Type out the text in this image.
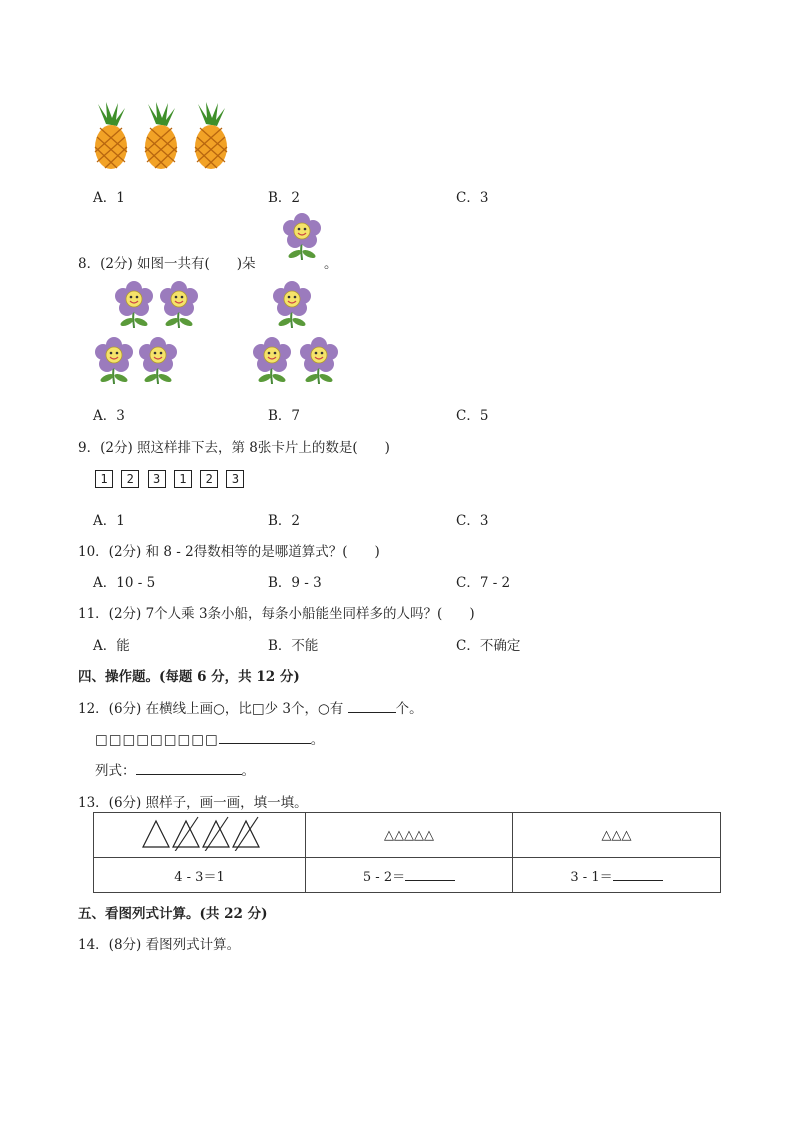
A．1	B．2	C．3
8．(2分) 如图一共有(　　)朵	。
A．3	B．7	C．5
9．(2分) 照这样排下去，第 8张卡片上的数是(　　)
1 2 3 1 2 3
A．1	B．2	C．3
10．(2分) 和 8 - 2得数相等的是哪道算式？(　　)
A．10 - 5	B．9 - 3	C．7 - 2
11．(2分) 7个人乘 3条小船，每条小船能坐同样多的人吗？(　　)
A．能	B．不能	C．不确定
四、操作题。(每题 6 分，共 12 分)
12．(6分) 在横线上画○，比□少 3个，○有	个。
□□□□□□□□□	。
列式：	。
13．(6分) 照样子，画一画，填一填。
	△△△△△	△△△
4 - 3＝1	5 - 2＝	3 - 1＝
五、看图列式计算。(共 22 分)
14．(8分) 看图列式计算。
